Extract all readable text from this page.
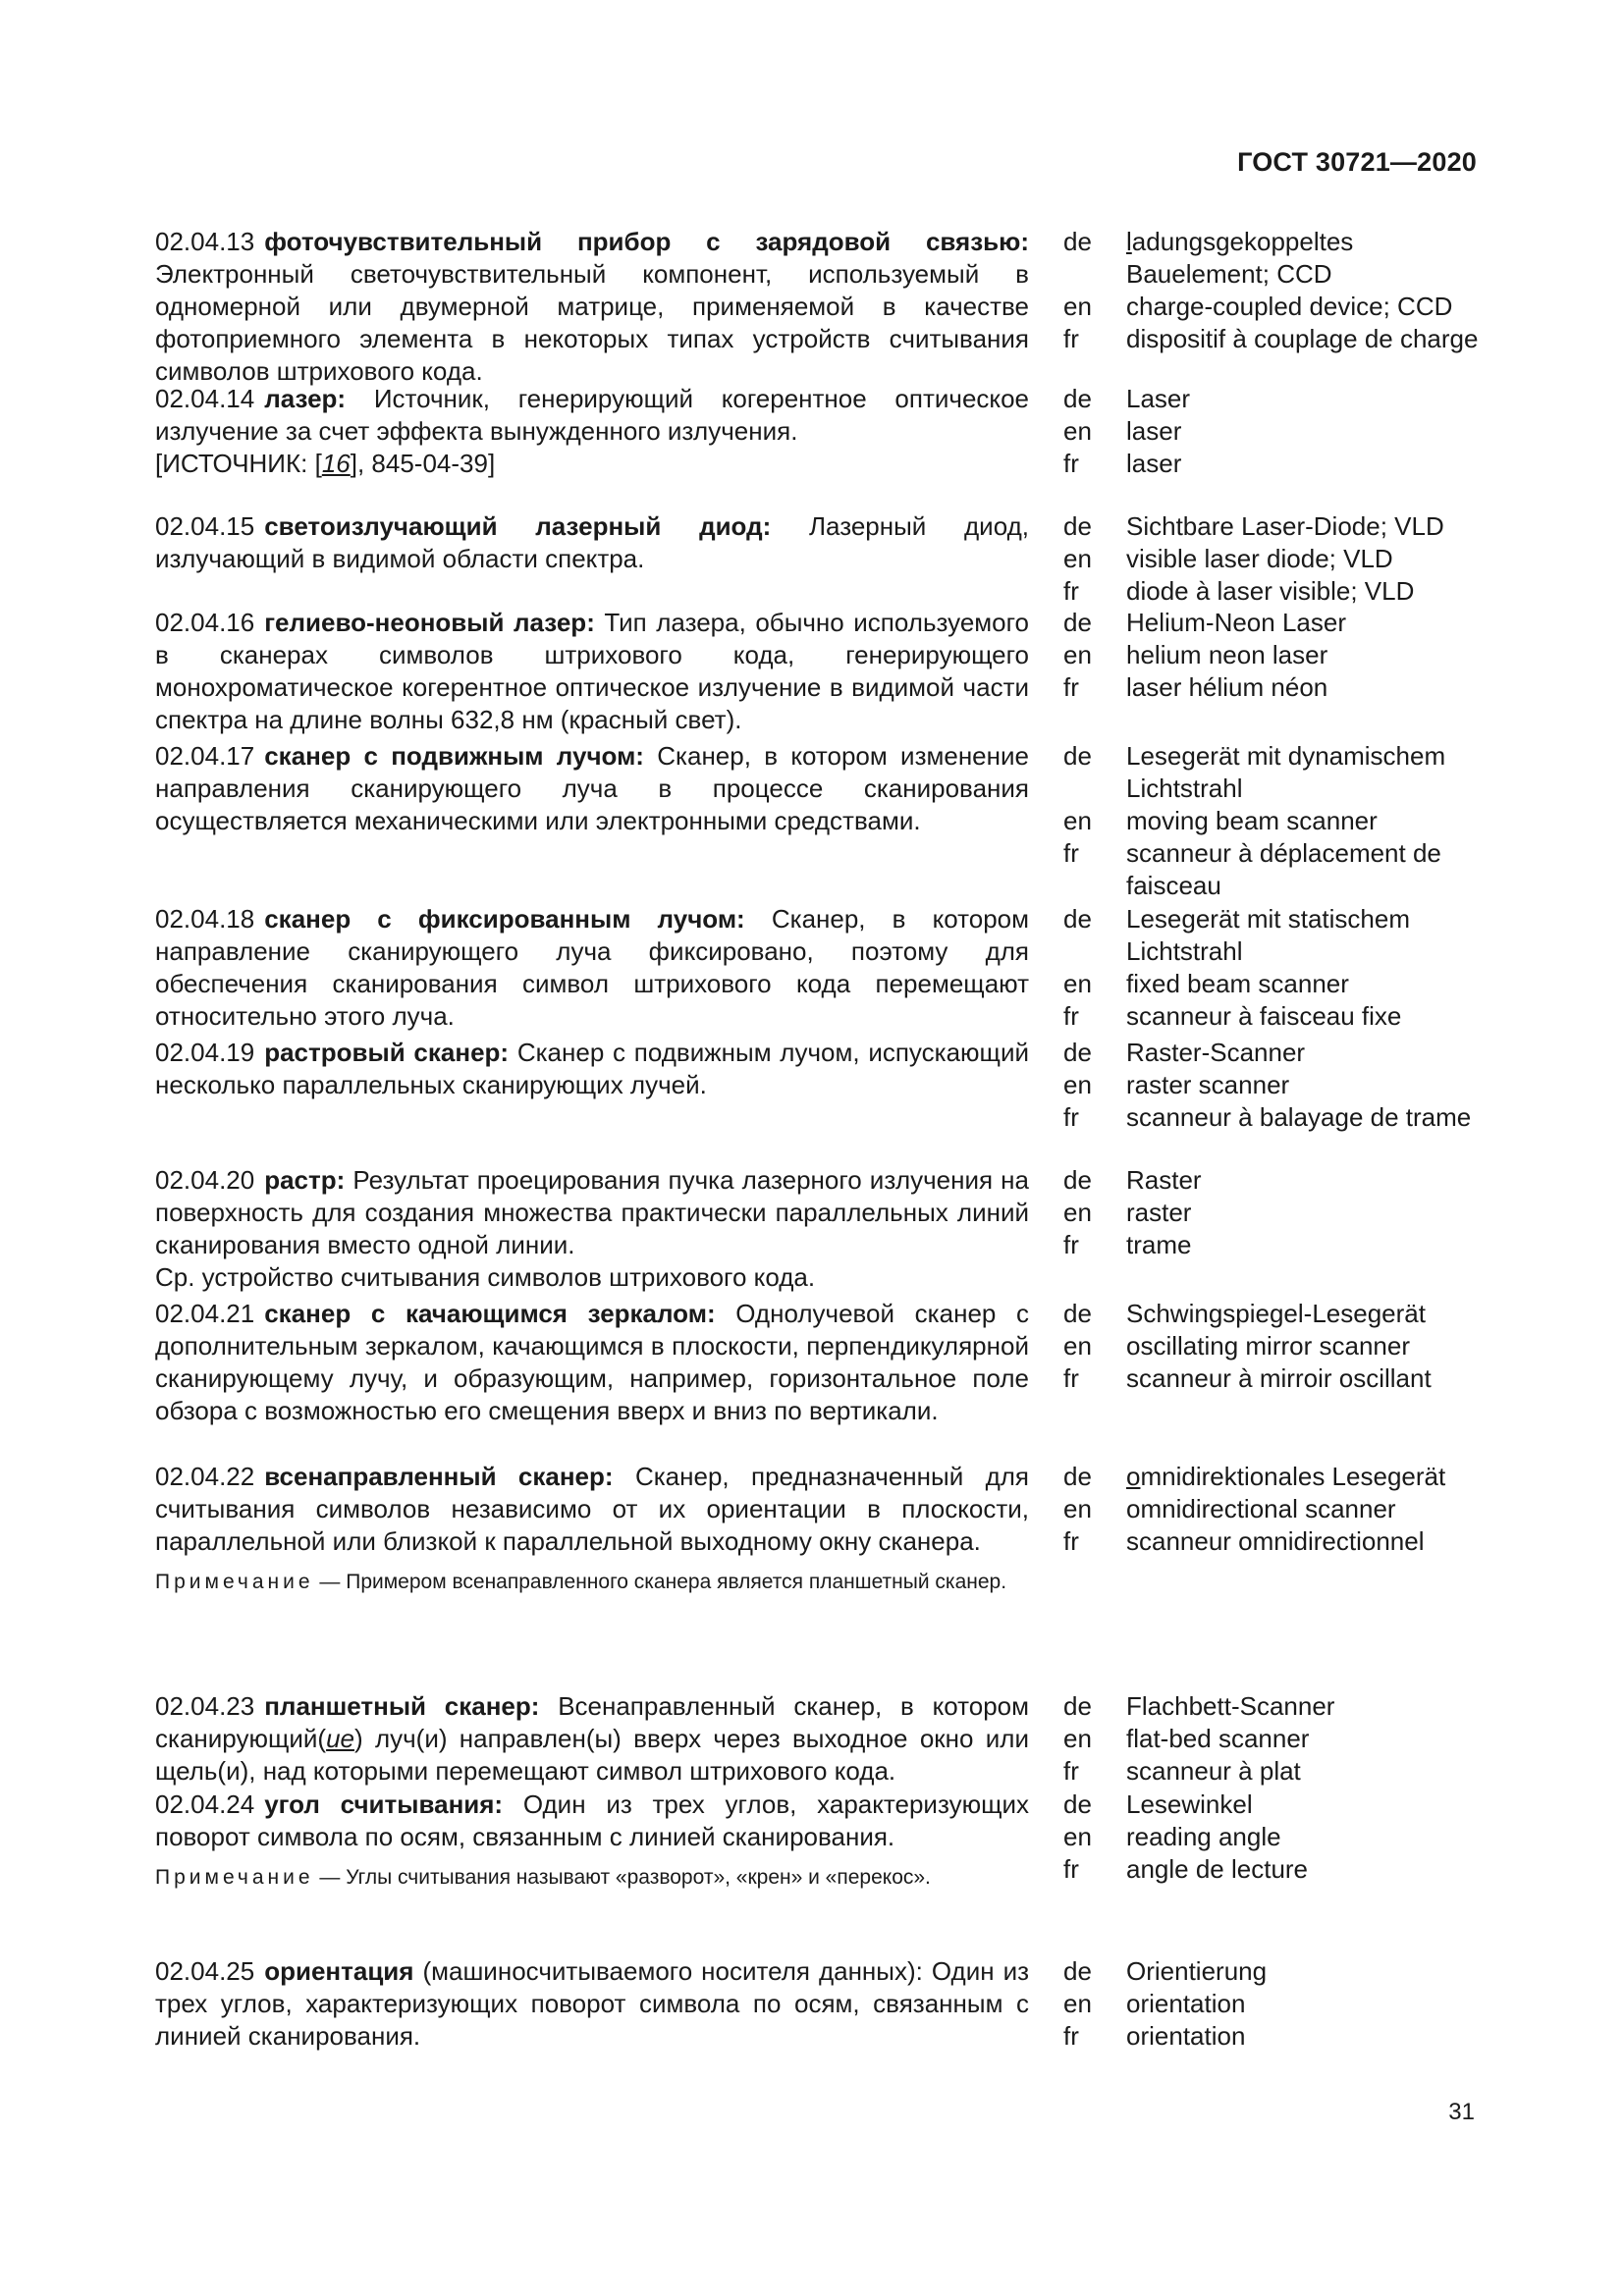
ГОСТ 30721—2020
02.04.13 фоточувствительный прибор с зарядовой связью: Электронный светочувствительный компонент, используемый в одномерной или двумерной матрице, применяемой в качестве фотоприемного элемента в некоторых типах устройств считывания символов штрихового кода.
de	ladungsgekoppeltes Bauelement; CCD
en	charge-coupled device; CCD
fr	dispositif à couplage de charge
02.04.14 лазер: Источник, генерирующий когерентное оптическое излучение за счет эффекта вынужденного излучения.
[ИСТОЧНИК: [16], 845-04-39]
de	Laser
en	laser
fr	laser
02.04.15 светоизлучающий лазерный диод: Лазерный диод, излучающий в видимой области спектра.
de	Sichtbare Laser-Diode; VLD
en	visible laser diode; VLD
fr	diode à laser visible; VLD
02.04.16 гелиево-неоновый лазер: Тип лазера, обычно используемого в сканерах символов штрихового кода, генерирующего монохроматическое когерентное оптическое излучение в видимой части спектра на длине волны 632,8 нм (красный свет).
de	Helium-Neon Laser
en	helium neon laser
fr	laser hélium néon
02.04.17 сканер с подвижным лучом: Сканер, в котором изменение направления сканирующего луча в процессе сканирования осуществляется механическими или электронными средствами.
de	Lesegerät mit dynamischem Lichtstrahl
en	moving beam scanner
fr	scanneur à déplacement de faisceau
02.04.18 сканер с фиксированным лучом: Сканер, в котором направление сканирующего луча фиксировано, поэтому для обеспечения сканирования символ штрихового кода перемещают относительно этого луча.
de	Lesegerät mit statischem Lichtstrahl
en	fixed beam scanner
fr	scanneur à faisceau fixe
02.04.19 растровый сканер: Сканер с подвижным лучом, испускающий несколько параллельных сканирующих лучей.
de	Raster-Scanner
en	raster scanner
fr	scanneur à balayage de trame
02.04.20 растр: Результат проецирования пучка лазерного излучения на поверхность для создания множества практически параллельных линий сканирования вместо одной линии.
Ср. устройство считывания символов штрихового кода.
de	Raster
en	raster
fr	trame
02.04.21 сканер с качающимся зеркалом: Однолучевой сканер с дополнительным зеркалом, качающимся в плоскости, перпендикулярной сканирующему лучу, и образующим, например, горизонтальное поле обзора с возможностью его смещения вверх и вниз по вертикали.
de	Schwingspiegel-Lesegerät
en	oscillating mirror scanner
fr	scanneur à mirroir oscillant
02.04.22 всенаправленный сканер: Сканер, предназначенный для считывания символов независимо от их ориентации в плоскости, параллельной или близкой к параллельной выходному окну сканера.
Примечание — Примером всенаправленного сканера является планшетный сканер.
de	omnidirektionales Lesegerät
en	omnidirectional scanner
fr	scanneur omnidirectionnel
02.04.23 планшетный сканер: Всенаправленный сканер, в котором сканирующий(ие) луч(и) направлен(ы) вверх через выходное окно или щель(и), над которыми перемещают символ штрихового кода.
de	Flachbett-Scanner
en	flat-bed scanner
fr	scanneur à plat
02.04.24 угол считывания: Один из трех углов, характеризующих поворот символа по осям, связанным с линией сканирования.
Примечание — Углы считывания называют «разворот», «крен» и «перекос».
de	Lesewinkel
en	reading angle
fr	angle de lecture
02.04.25 ориентация (машиносчитываемого носителя данных): Один из трех углов, характеризующих поворот символа по осям, связанным с линией сканирования.
de	Orientierung
en	orientation
fr	orientation
31
